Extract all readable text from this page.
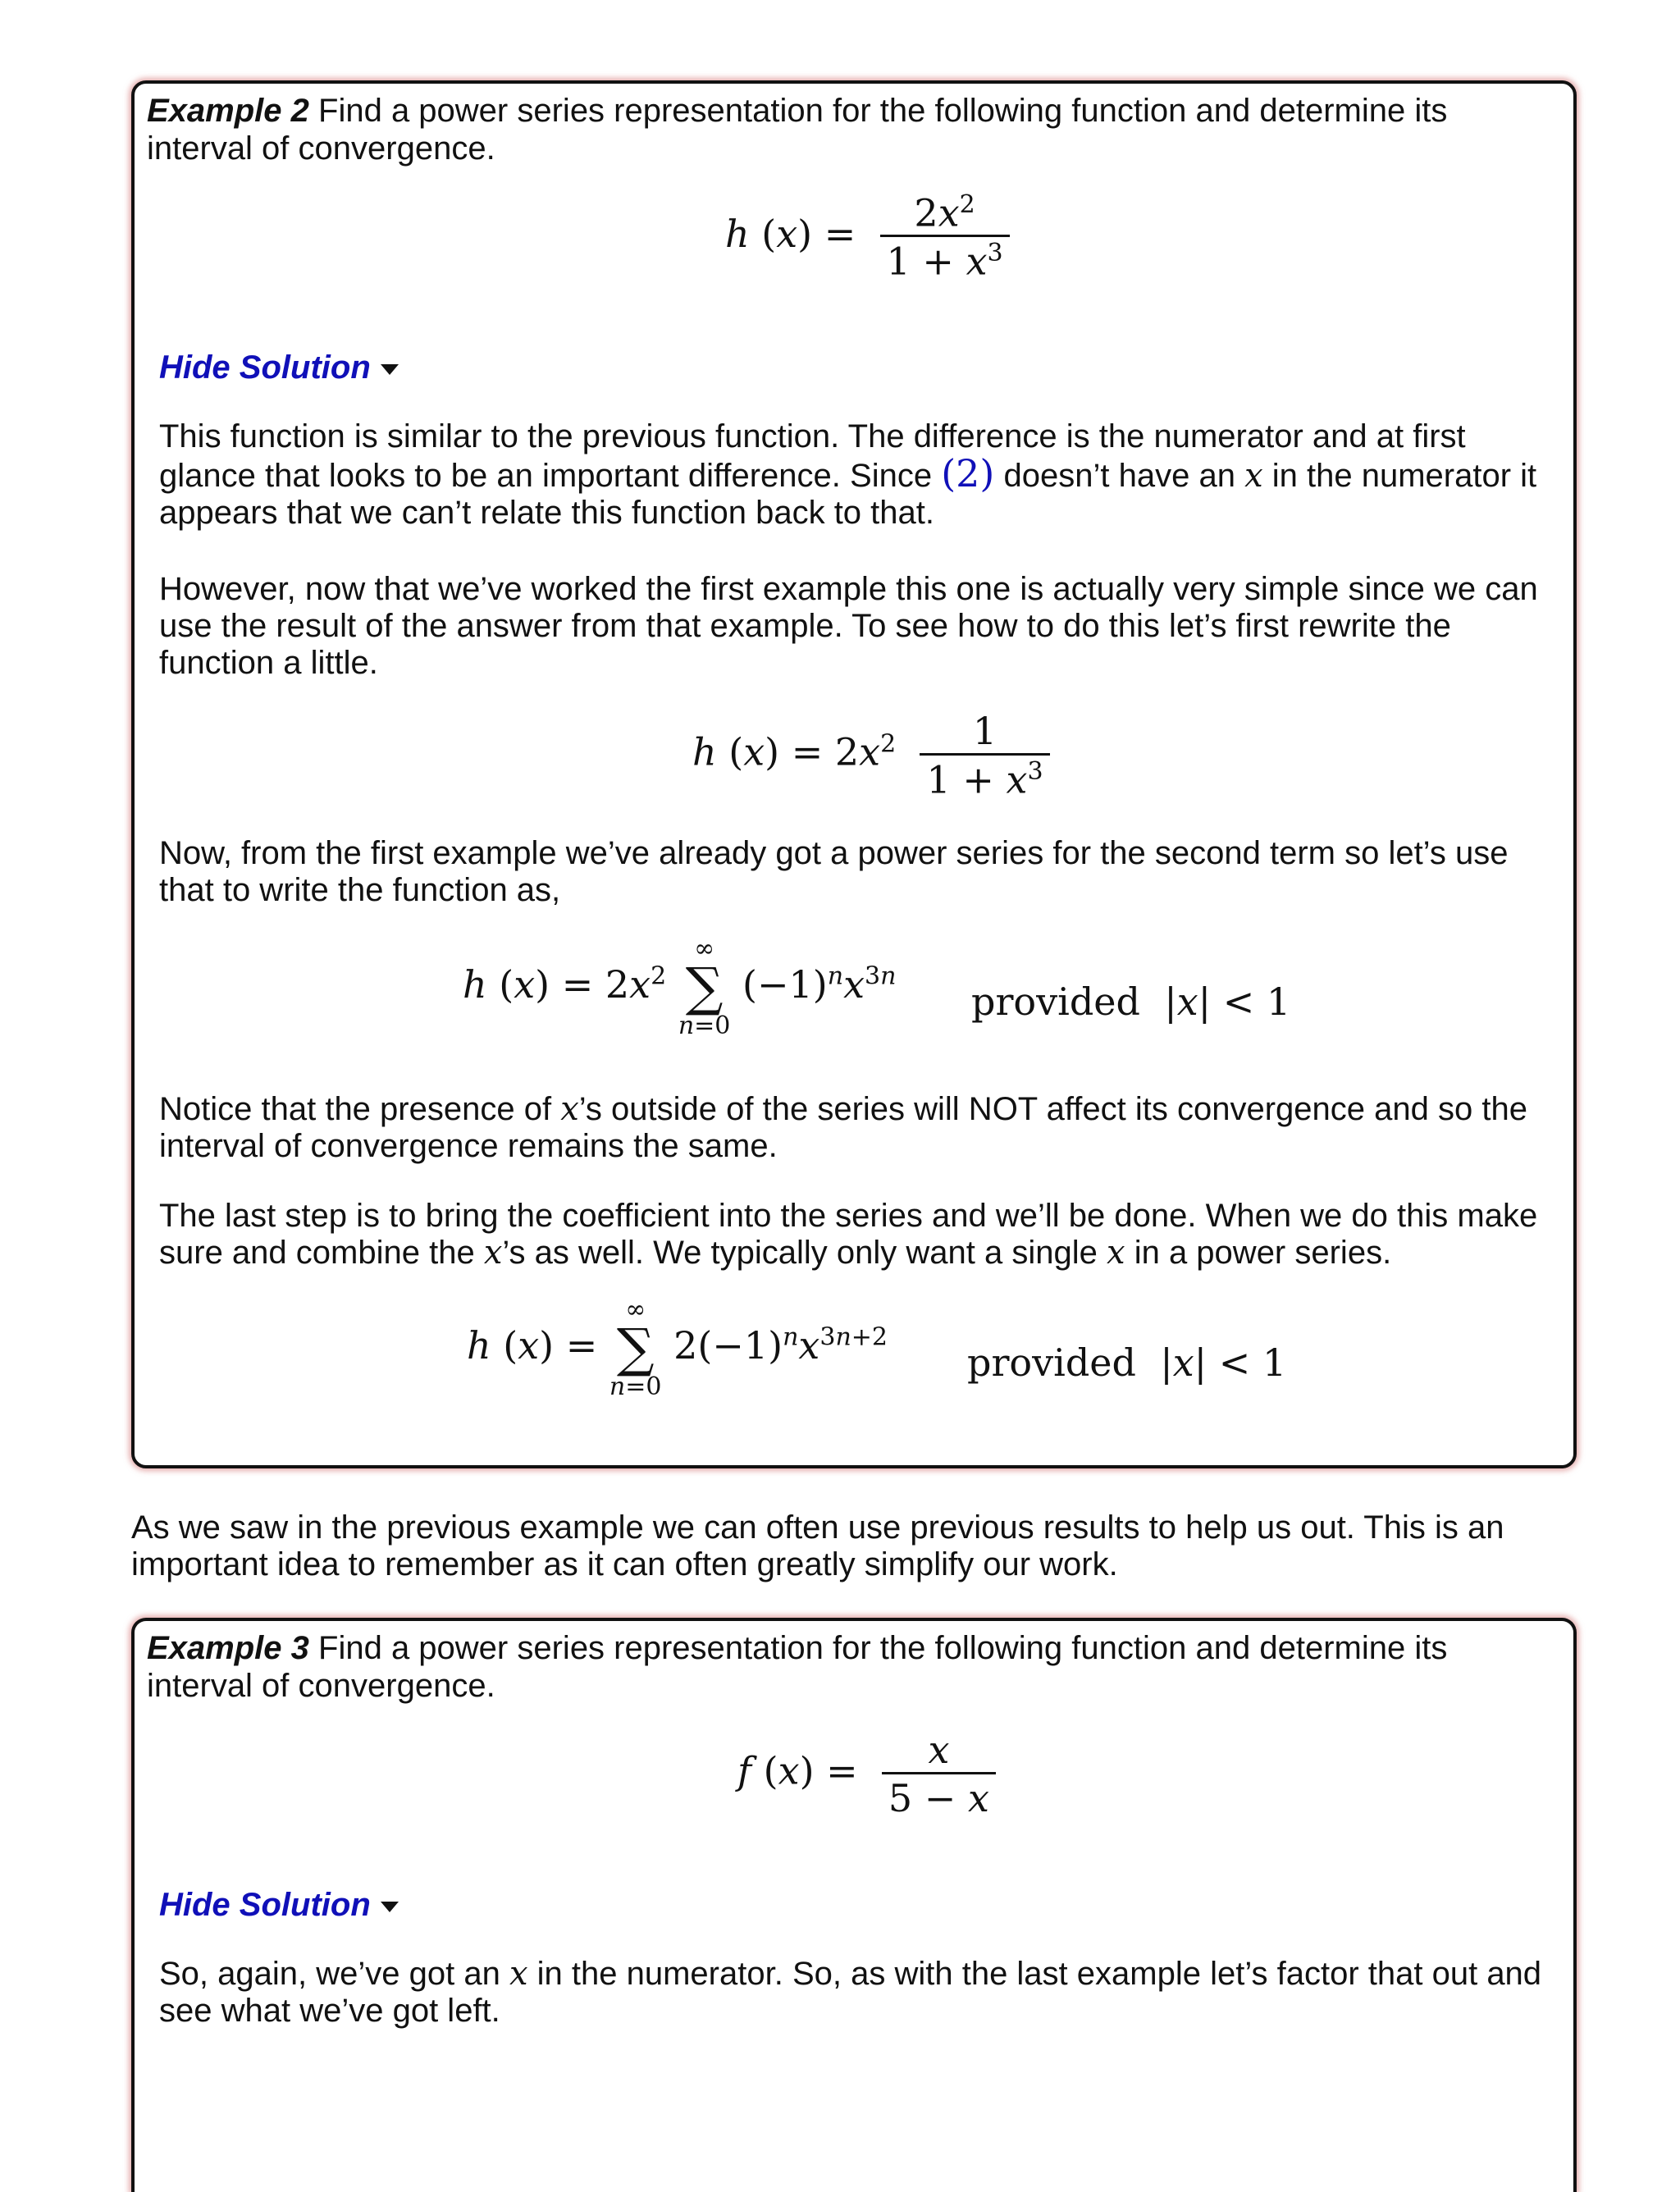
Example 2 Find a power series representation for the following function and determine its interval of convergence.
h $(x) = \frac{2x^2}{1 + x^3}$
Hide Solution
This function is similar to the previous function. The difference is the numerator and at first glance that looks to be an important difference. Since (2) doesn’t have an x in the numerator it appears that we can’t relate this function back to that.
However, now that we’ve worked the first example this one is actually very simple since we can use the result of the answer from that example. To see how to do this let’s first rewrite the function a little.
h $(x) = 2x^2 \frac{1}{1 + x^3}$
Now, from the first example we’ve already got a power series for the second term so let’s use that to write the function as,
h $(x) = 2x^2$
∞
∑
n=0
$(-1)^nx^{3n}$
provided  |x| < 1
Notice that the presence of x’s outside of the series will NOT affect its convergence and so the interval of convergence remains the same.
The last step is to bring the coefficient into the series and we’ll be done. When we do this make sure and combine the x’s as well. We typically only want a single x in a power series.
h (x) =
∞
∑
n=0
$2(-1)^nx^{3n+2}$
provided  |x| < 1
As we saw in the previous example we can often use previous results to help us out. This is an important idea to remember as it can often greatly simplify our work.
Example 3 Find a power series representation for the following function and determine its interval of convergence.
f $(x) = \frac{x}{5 - x}$
Hide Solution
So, again, we’ve got an x in the numerator. So, as with the last example let’s factor that out and see what we’ve got left.
